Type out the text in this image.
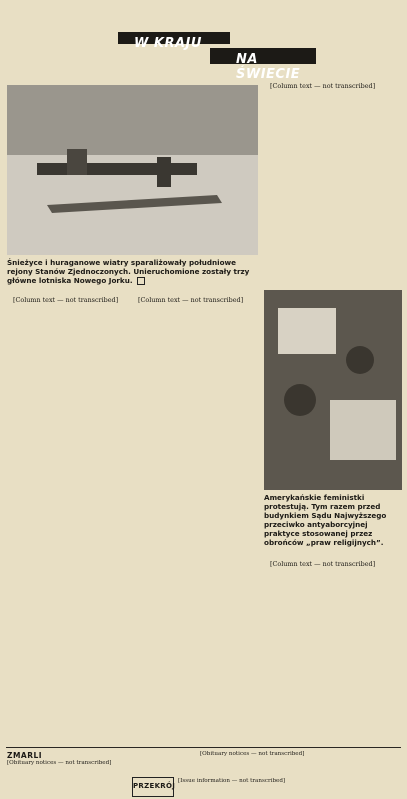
W KRAJU
NA ŚWIECIE
Śnieżyce i huraganowe wiatry sparaliżowały południowe rejony Stanów Zjednoczonych. Unieruchomione zostały trzy główne lotniska Nowego Jorku.

[Column text — not transcribed]

Amerykańskie feministki protestują. Tym razem przed budynkiem Sądu Najwyższego przeciwko antyaborcyjnej praktyce stosowanej przez obrońców „praw religijnych”.

[Column text — not transcribed]	[Column text — not transcribed]

[Column text — not transcribed]

ZMARLI
[Obituary notices — not transcribed]
[Obituary notices — not transcribed]
PRZEKRÓJ
[Issue information — not transcribed]
